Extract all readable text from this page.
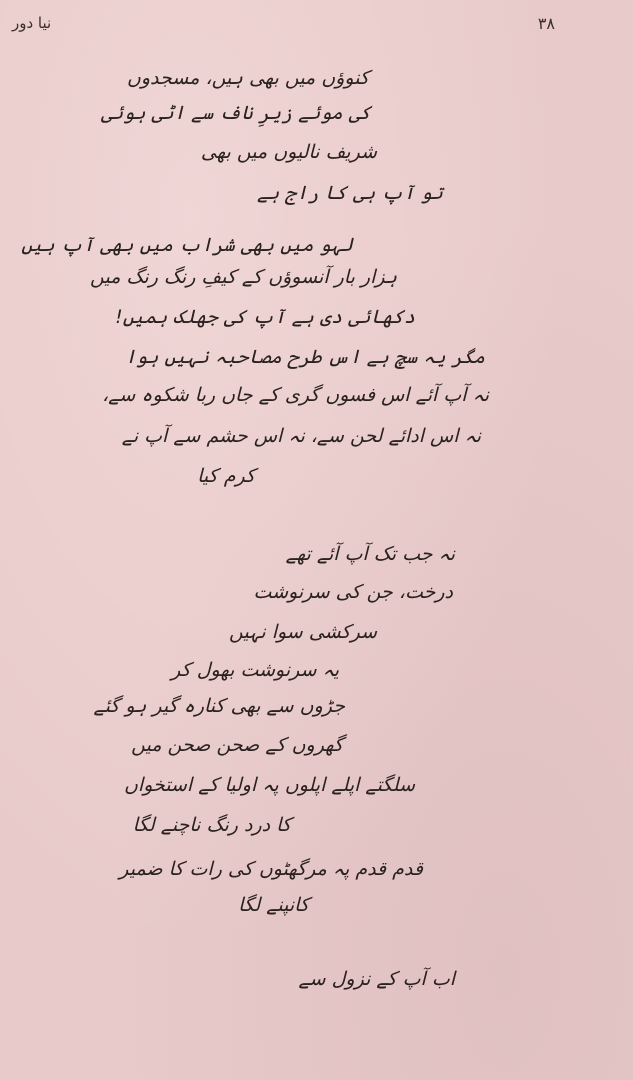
نیا دور	۳۸
کنوؤں میں بھی ہیں، مسجدوں
کی موئے زیرِ ناف سے اٹی ہوئی
شریف نالیوں میں بھی
تو آپ ہی کا راج ہے
لہو میں بھی شراب میں بھی آپ ہیں
ہزار بار آنسوؤں کے کیفِ رنگ رنگ میں
دکھائی دی ہے آپ کی جھلک ہمیں!
مگر یہ سچ ہے اس طرح مصاحبہ نہیں ہوا
نہ آپ آئے اس فسوں گری کے جاں ربا شکوہ سے،
نہ اس ادائے لحن سے، نہ اس حشم سے آپ نے
کرم کیا
نہ جب تک آپ آئے تھے
درخت، جن کی سرنوشت
سرکشی سوا نہیں
یہ سرنوشت بھول کر
جڑوں سے بھی کنارہ گیر ہو گئے
گھروں کے صحن صحن میں
سلگتے اپلے اپلوں پہ اولیا کے استخواں
کا درد رنگ ناچنے لگا
قدم قدم پہ مرگھٹوں کی رات کا ضمیر
کانپنے لگا
اب آپ کے نزول سے
